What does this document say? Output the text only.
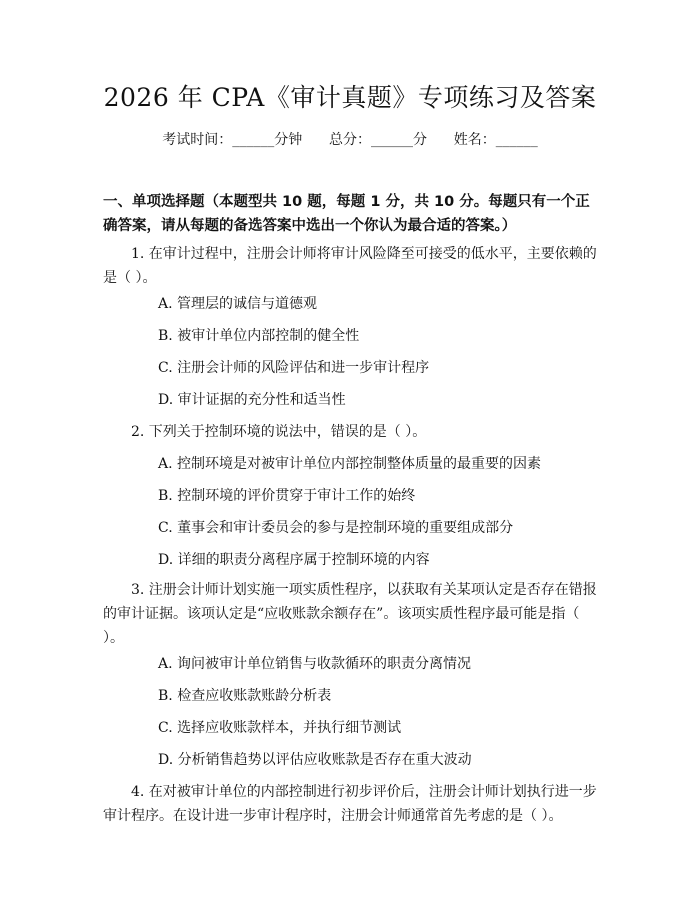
2026 年 CPA《审计真题》专项练习及答案
考试时间：______分钟      总分：______分      姓名：______
一、单项选择题（本题型共 10 题，每题 1 分，共 10 分。每题只有一个正确答案，请从每题的备选答案中选出一个你认为最合适的答案。）
1. 在审计过程中，注册会计师将审计风险降至可接受的低水平，主要依赖的是（ ）。
A. 管理层的诚信与道德观
B. 被审计单位内部控制的健全性
C. 注册会计师的风险评估和进一步审计程序
D. 审计证据的充分性和适当性
2. 下列关于控制环境的说法中，错误的是（ ）。
A. 控制环境是对被审计单位内部控制整体质量的最重要的因素
B. 控制环境的评价贯穿于审计工作的始终
C. 董事会和审计委员会的参与是控制环境的重要组成部分
D. 详细的职责分离程序属于控制环境的内容
3. 注册会计师计划实施一项实质性程序，以获取有关某项认定是否存在错报的审计证据。该项认定是“应收账款余额存在”。该项实质性程序最可能是指（ ）。
A. 询问被审计单位销售与收款循环的职责分离情况
B. 检查应收账款账龄分析表
C. 选择应收账款样本，并执行细节测试
D. 分析销售趋势以评估应收账款是否存在重大波动
4. 在对被审计单位的内部控制进行初步评价后，注册会计师计划执行进一步审计程序。在设计进一步审计程序时，注册会计师通常首先考虑的是（ ）。
